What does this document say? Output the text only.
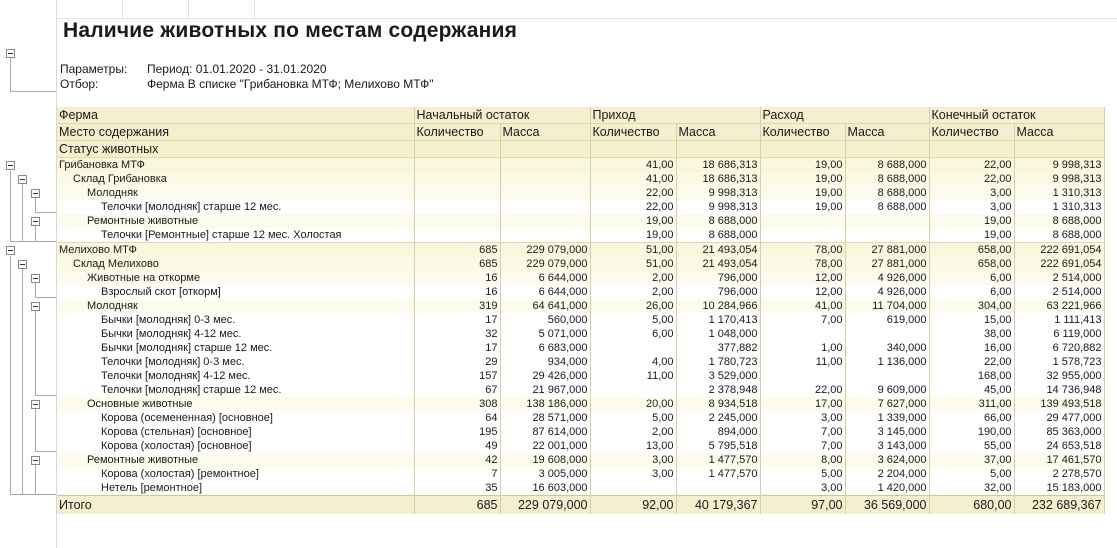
Наличие животных по местам содержания
Параметры: Период: 01.01.2020 - 31.01.2020
Отбор:	Ферма В списке "Грибановка МТФ; Мелихово МТФ"
Ферма	Начальный остаток		Приход		Расход		Конечный остаток	
Место содержания	Количество	Масса	Количество	Масса	Количество	Масса	Количество	Масса
Статус животных								
Грибановка МТФ			41,00	18 686,313	19,00	8 688,000	22,00	9 998,313
Склад Грибановка			41,00	18 686,313	19,00	8 688,000	22,00	9 998,313
Молодняк			22,00	9 998,313	19,00	8 688,000	3,00	1 310,313
Телочки [молодняк] старше 12 мес.			22,00	9 998,313	19,00	8 688,000	3,00	1 310,313
Ремонтные животные			19,00	8 688,000			19,00	8 688,000
Телочки [Ремонтные] старше 12 мес. Холостая			19,00	8 688,000			19,00	8 688,000
Мелихово МТФ	685	229 079,000	51,00	21 493,054	78,00	27 881,000	658,00	222 691,054
Склад Мелихово	685	229 079,000	51,00	21 493,054	78,00	27 881,000	658,00	222 691,054
Животные на откорме	16	6 644,000	2,00	796,000	12,00	4 926,000	6,00	2 514,000
Взрослый скот [откорм]	16	6 644,000	2,00	796,000	12,00	4 926,000	6,00	2 514,000
Молодняк	319	64 641,000	26,00	10 284,966	41,00	11 704,000	304,00	63 221,966
Бычки [молодняк] 0-3 мес.	17	560,000	5,00	1 170,413	7,00	619,000	15,00	1 111,413
Бычки [молодняк] 4-12 мес.	32	5 071,000	6,00	1 048,000			38,00	6 119,000
Бычки [молодняк] старше 12 мес.	17	6 683,000		377,882	1,00	340,000	16,00	6 720,882
Телочки [молодняк] 0-3 мес.	29	934,000	4,00	1 780,723	11,00	1 136,000	22,00	1 578,723
Телочки [молодняк] 4-12 мес.	157	29 426,000	11,00	3 529,000			168,00	32 955,000
Телочки [молодняк] старше 12 мес.	67	21 967,000		2 378,948	22,00	9 609,000	45,00	14 736,948
Основные животные	308	138 186,000	20,00	8 934,518	17,00	7 627,000	311,00	139 493,518
Корова (осемененная) [основное]	64	28 571,000	5,00	2 245,000	3,00	1 339,000	66,00	29 477,000
Корова (стельная) [основное]	195	87 614,000	2,00	894,000	7,00	3 145,000	190,00	85 363,000
Корова (холостая) [основное]	49	22 001,000	13,00	5 795,518	7,00	3 143,000	55,00	24 653,518
Ремонтные животные	42	19 608,000	3,00	1 477,570	8,00	3 624,000	37,00	17 461,570
Корова (холостая) [ремонтное]	7	3 005,000	3,00	1 477,570	5,00	2 204,000	5,00	2 278,570
Нетель [ремонтное]	35	16 603,000			3,00	1 420,000	32,00	15 183,000
Итого	685	229 079,000	92,00	40 179,367	97,00	36 569,000	680,00	232 689,367
